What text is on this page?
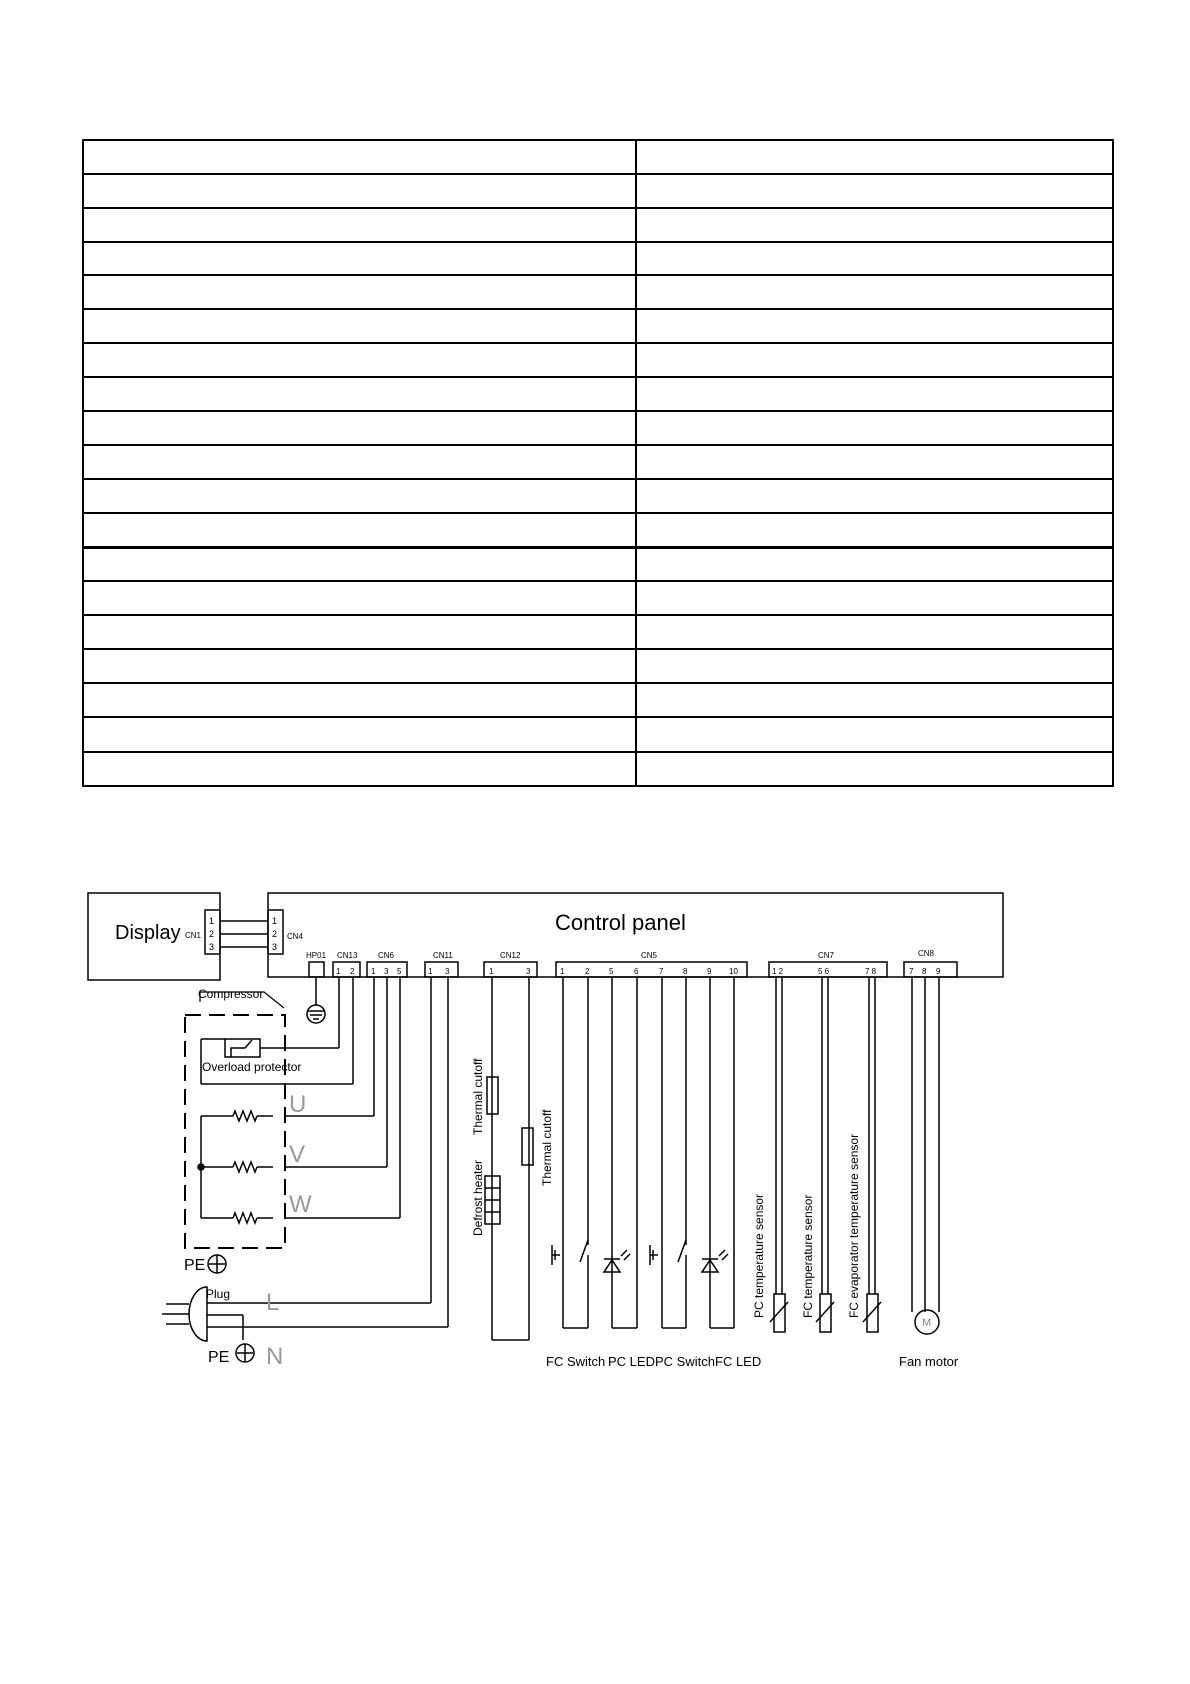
Display CN1
1
2
3
1
2
3
CN4
Control panel
HP01 CN13
1 2
CN6
1 3 5
CN11
1 3
CN12
1	3
CN5
1	2 5	6	7 8 9 10
CN7
1 2	5 6	7 8
CN8
7 8 9
Compressor
Overload protector
U
V
W
PE
Plug L
N
PE
Thermal cutoff
Thermal cutoff
Defrost heater	PC temperature sensor	FC temperature sensor	FC evaporator temperature sensor
FC Switch PC LED PC Switch FC LED	Fan motor
M
